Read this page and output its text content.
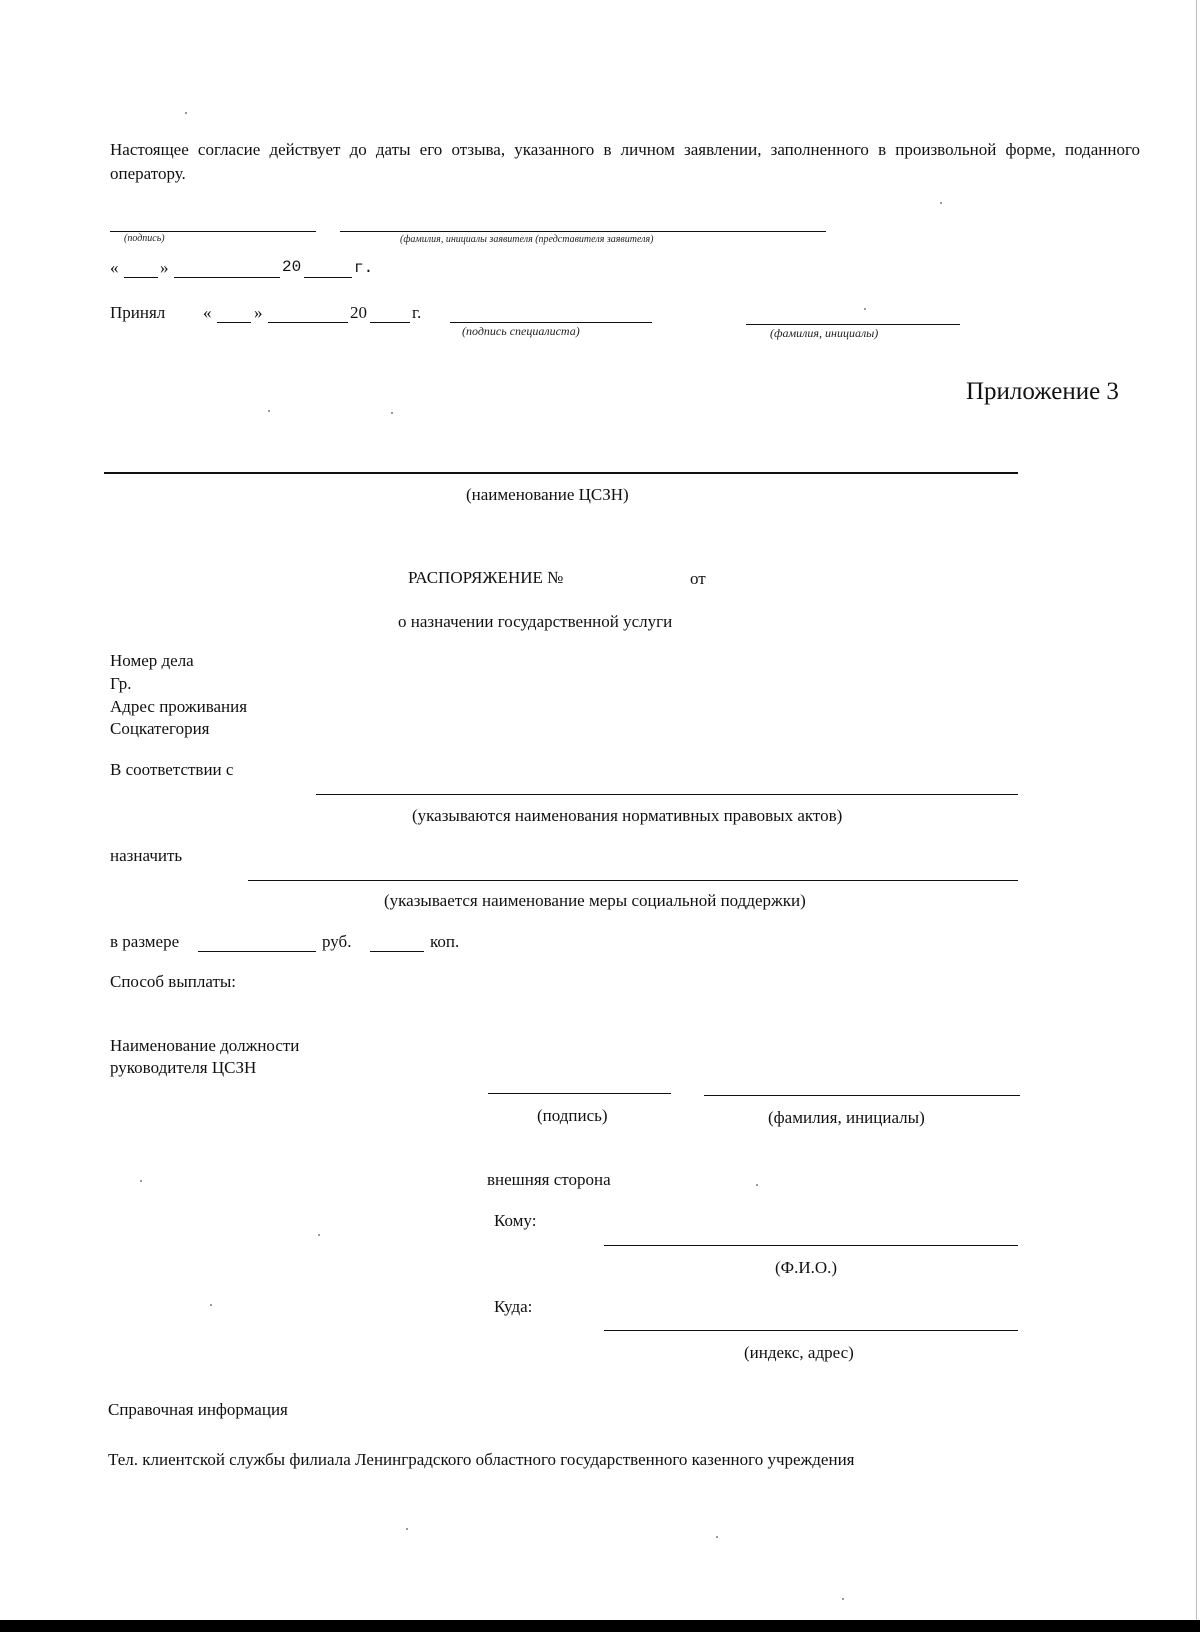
Настоящее согласие действует до даты его отзыва, указанного в личном заявлении, заполненного в произвольной форме, поданного оператору.
(подпись)	(фамилия, инициалы заявителя (представителя заявителя)
« »	20	г.
Принял «	»	20	г.
(подпись специалиста)	(фамилия, инициалы)
Приложение 3
(наименование ЦСЗН)
РАСПОРЯЖЕНИЕ №	от
о назначении государственной услуги
Номер дела
Гр.
Адрес проживания
Соцкатегория
В соответствии с
(указываются наименования нормативных правовых актов)
назначить
(указывается наименование меры социальной поддержки)
в размере	руб.	коп.
Способ выплаты:
Наименование должности
руководителя ЦСЗН
(подпись)	(фамилия, инициалы)
внешняя сторона
Кому:
(Ф.И.О.)
Куда:
(индекс, адрес)
Справочная информация
Тел. клиентской службы филиала Ленинградского областного государственного казенного учреждения
